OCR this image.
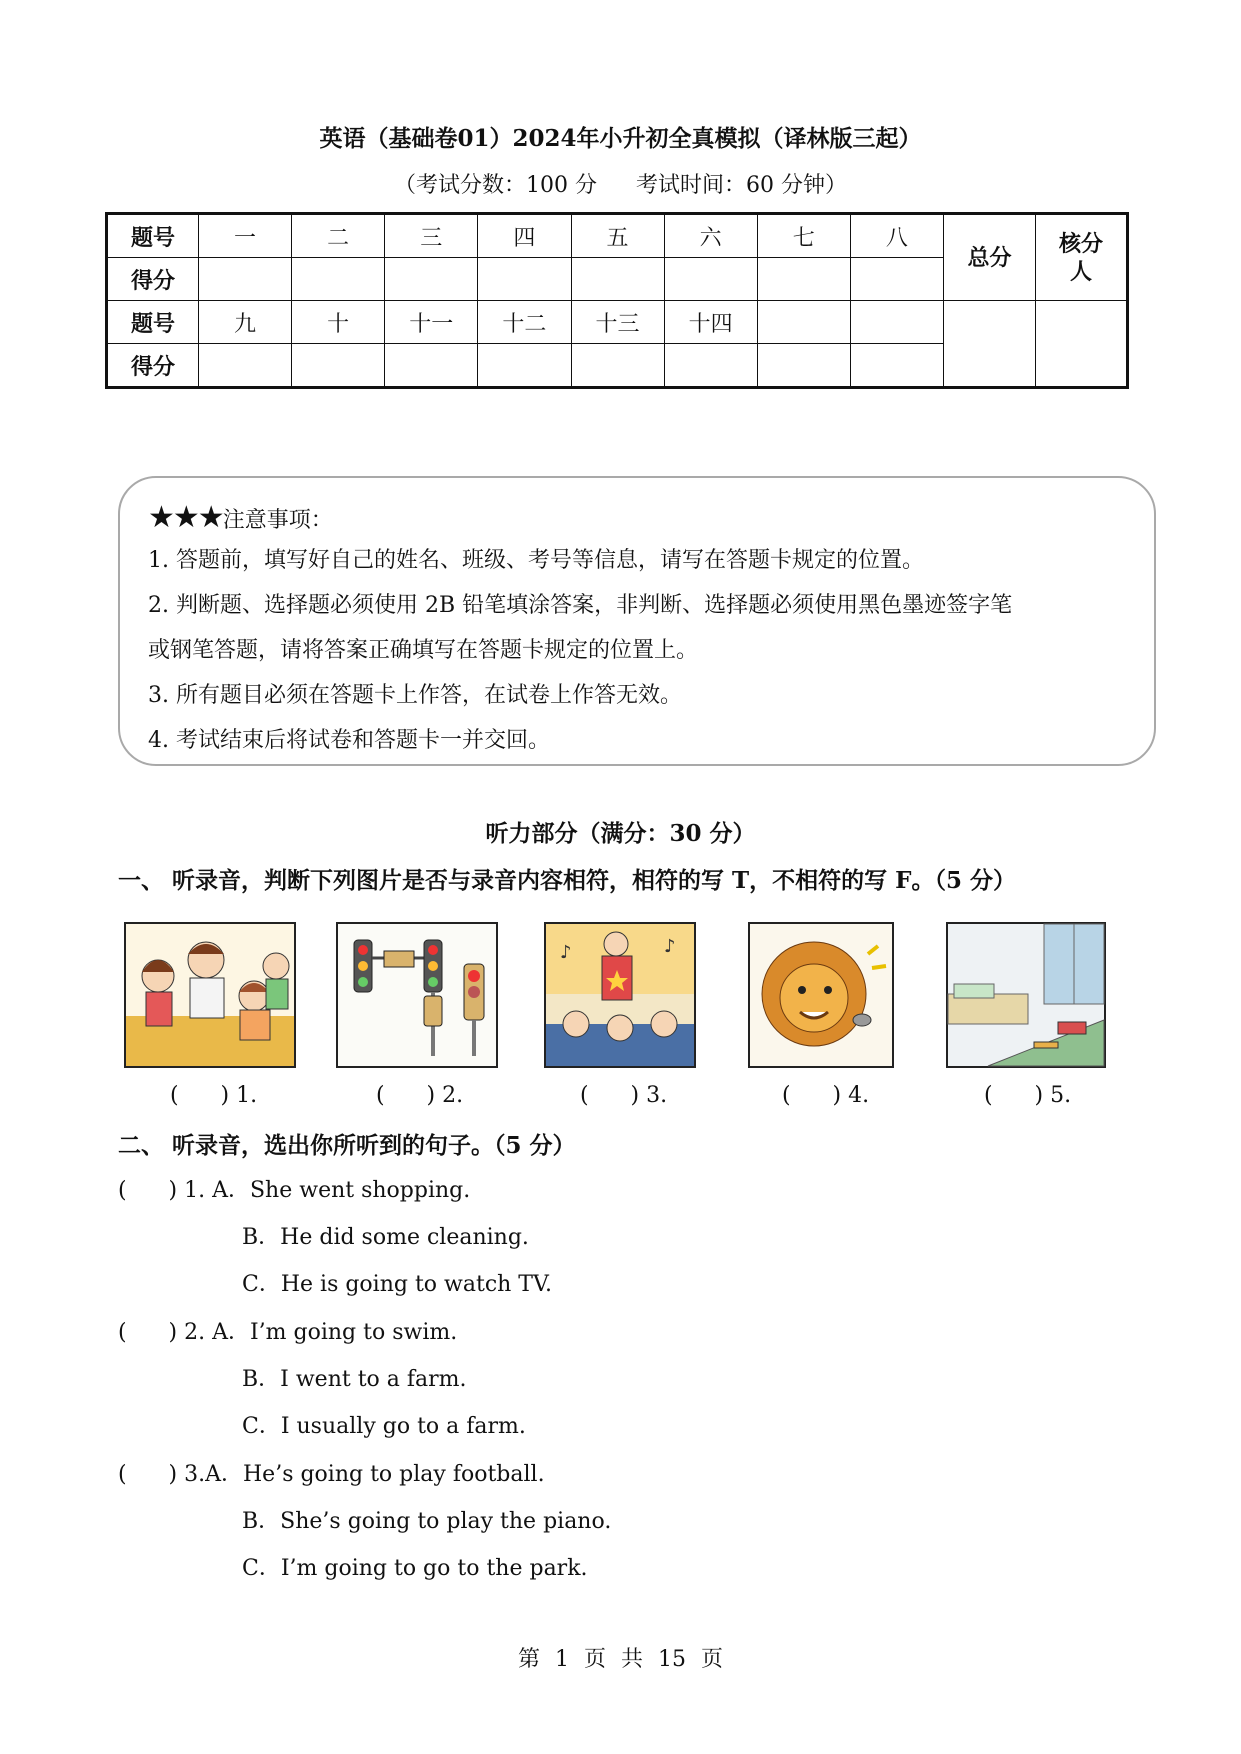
英语（基础卷01）2024年小升初全真模拟（译林版三起）
（考试分数：100 分 考试时间：60 分钟）
题号	一	二	三	四	五	六	七	八	总分	核分人
得分										
题号	九	十	十一	十二	十三	十四				
得分										
★★★注意事项：
1. 答题前，填写好自己的姓名、班级、考号等信息，请写在答题卡规定的位置。
2. 判断题、选择题必须使用 2B 铅笔填涂答案，非判断、选择题必须使用黑色墨迹签字笔
或钢笔答题，请将答案正确填写在答题卡规定的位置上。
3. 所有题目必须在答题卡上作答，在试卷上作答无效。
4. 考试结束后将试卷和答题卡一并交回。
听力部分（满分：30 分）
一、 听录音，判断下列图片是否与录音内容相符，相符的写 T，不相符的写 F。（5 分）
♪	♪
(      ) 1.	(      ) 2.	(      ) 3.	(      ) 4.	(      ) 5.
二、 听录音，选出你所听到的句子。（5 分）
(      ) 1. A．She went shopping.
B．He did some cleaning.
C．He is going to watch TV.
(      ) 2. A．I’m going to swim.
B．I went to a farm.
C．I usually go to a farm.
(      ) 3.A．He’s going to play football.
B．She’s going to play the piano.
C．I’m going to go to the park.
第 1 页 共 15 页
